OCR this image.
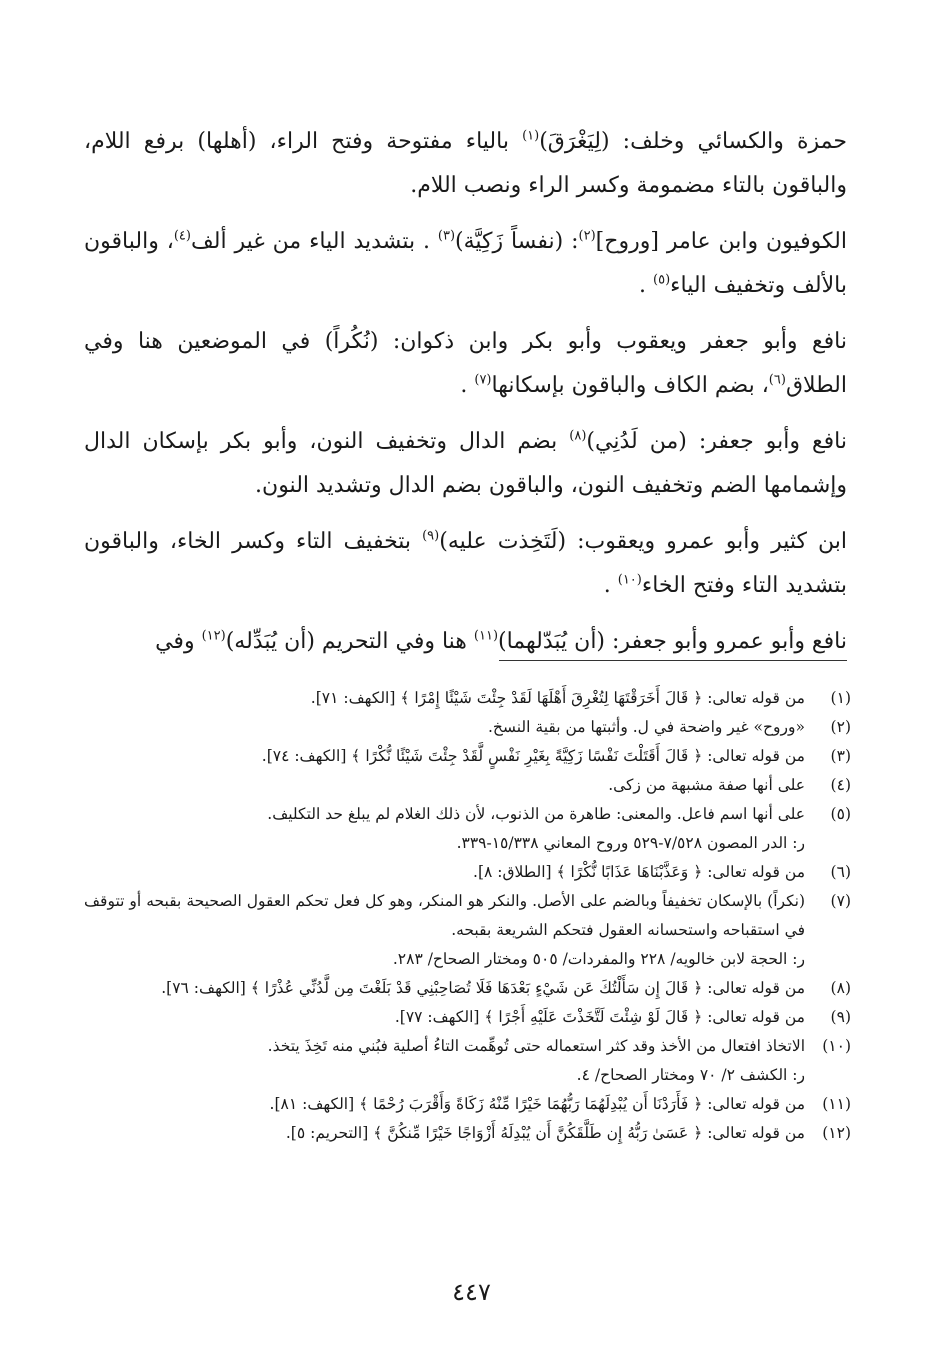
حمزة والكسائي وخلف: (لِيَغْرَقَ)$^{(١)}$ بالياء مفتوحة وفتح الراء، (أهلها) برفع اللام، والباقون بالتاء مضمومة وكسر الراء ونصب اللام.

الكوفيون وابن عامر [وروح]$^{(٢)}$: (نفساً زَكِيَّة)$^{(٣)}$ . بتشديد الياء من غير ألف$^{(٤)}$، والباقون بالألف وتخفيف الياء$^{(٥)}$ .

نافع وأبو جعفر ويعقوب وأبو بكر وابن ذكوان: (نُكُراً) في الموضعين هنا وفي الطلاق$^{(٦)}$، بضم الكاف والباقون بإسكانها$^{(٧)}$ .

نافع وأبو جعفر: (من لَدُنِي)$^{(٨)}$ بضم الدال وتخفيف النون، وأبو بكر بإسكان الدال وإشمامها الضم وتخفيف النون، والباقون بضم الدال وتشديد النون.

ابن كثير وأبو عمرو ويعقوب: (لَتَخِذت عليه)$^{(٩)}$ بتخفيف التاء وكسر الخاء، والباقون بتشديد التاء وفتح الخاء$^{(١٠)}$ .

نافع وأبو عمرو وأبو جعفر: (أن يُبَدّلهما)$^{(١١)}$ هنا وفي التحريم (أن يُبَدِّله)$^{(١٢)}$ وفي

(١)
من قوله تعالى: ﴿ قَالَ أَخَرَقْتَهَا لِتُغْرِقَ أَهْلَهَا لَقَدْ جِئْتَ شَيْئًا إِمْرًا ﴾ [الكهف: ٧١].
(٢)
«وروح» غير واضحة في ل. وأثبتها من بقية النسخ.
(٣)
من قوله تعالى: ﴿ قَالَ أَقَتَلْتَ نَفْسًا زَكِيَّةً بِغَيْرِ نَفْسٍ لَّقَدْ جِئْتَ شَيْئًا نُّكْرًا ﴾ [الكهف: ٧٤].
(٤)
على أنها صفة مشبهة من زكى.
(٥)
على أنها اسم فاعل. والمعنى: طاهرة من الذنوب، لأن ذلك الغلام لم يبلغ حد التكليف.
ر: الدر المصون ٧/٥٢٨-٥٢٩ وروح المعاني ١٥/٣٣٨-٣٣٩.
(٦)
من قوله تعالى: ﴿ وَعَذَّبْنَاهَا عَذَابًا نُّكْرًا ﴾ [الطلاق: ٨].
(٧)
(نكراً) بالإسكان تخفيفاً وبالضم على الأصل. والنكر هو المنكر، وهو كل فعل تحكم العقول الصحيحة بقبحه أو تتوقف في استقباحه واستحسانه العقول فتحكم الشريعة بقبحه.
ر: الحجة لابن خالويه/ ٢٢٨ والمفردات/ ٥٠٥ ومختار الصحاح/ ٢٨٣.
(٨)
من قوله تعالى: ﴿ قَالَ إِن سَأَلْتُكَ عَن شَيْءٍ بَعْدَهَا فَلَا تُصَاحِبْنِي قَدْ بَلَغْتَ مِن لَّدُنِّي عُذْرًا ﴾ [الكهف: ٧٦].
(٩)
من قوله تعالى: ﴿ قَالَ لَوْ شِئْتَ لَتَّخَذْتَ عَلَيْهِ أَجْرًا ﴾ [الكهف: ٧٧].
(١٠)
الاتخاذ افتعال من الأخذ وقد كثر استعماله حتى تُوهِّمت التاءُ أصلية فبُني منه تَخِذَ يتخذ.
ر: الكشف ٢/ ٧٠ ومختار الصحاح/ ٤.
(١١)
من قوله تعالى: ﴿ فَأَرَدْنَا أَن يُبْدِلَهُمَا رَبُّهُمَا خَيْرًا مِّنْهُ زَكَاةً وَأَقْرَبَ رُحْمًا ﴾ [الكهف: ٨١].
(١٢)
من قوله تعالى: ﴿ عَسَىٰ رَبُّهُ إِن طَلَّقَكُنَّ أَن يُبْدِلَهُ أَزْوَاجًا خَيْرًا مِّنكُنَّ ﴾ [التحريم: ٥].
٤٤٧
